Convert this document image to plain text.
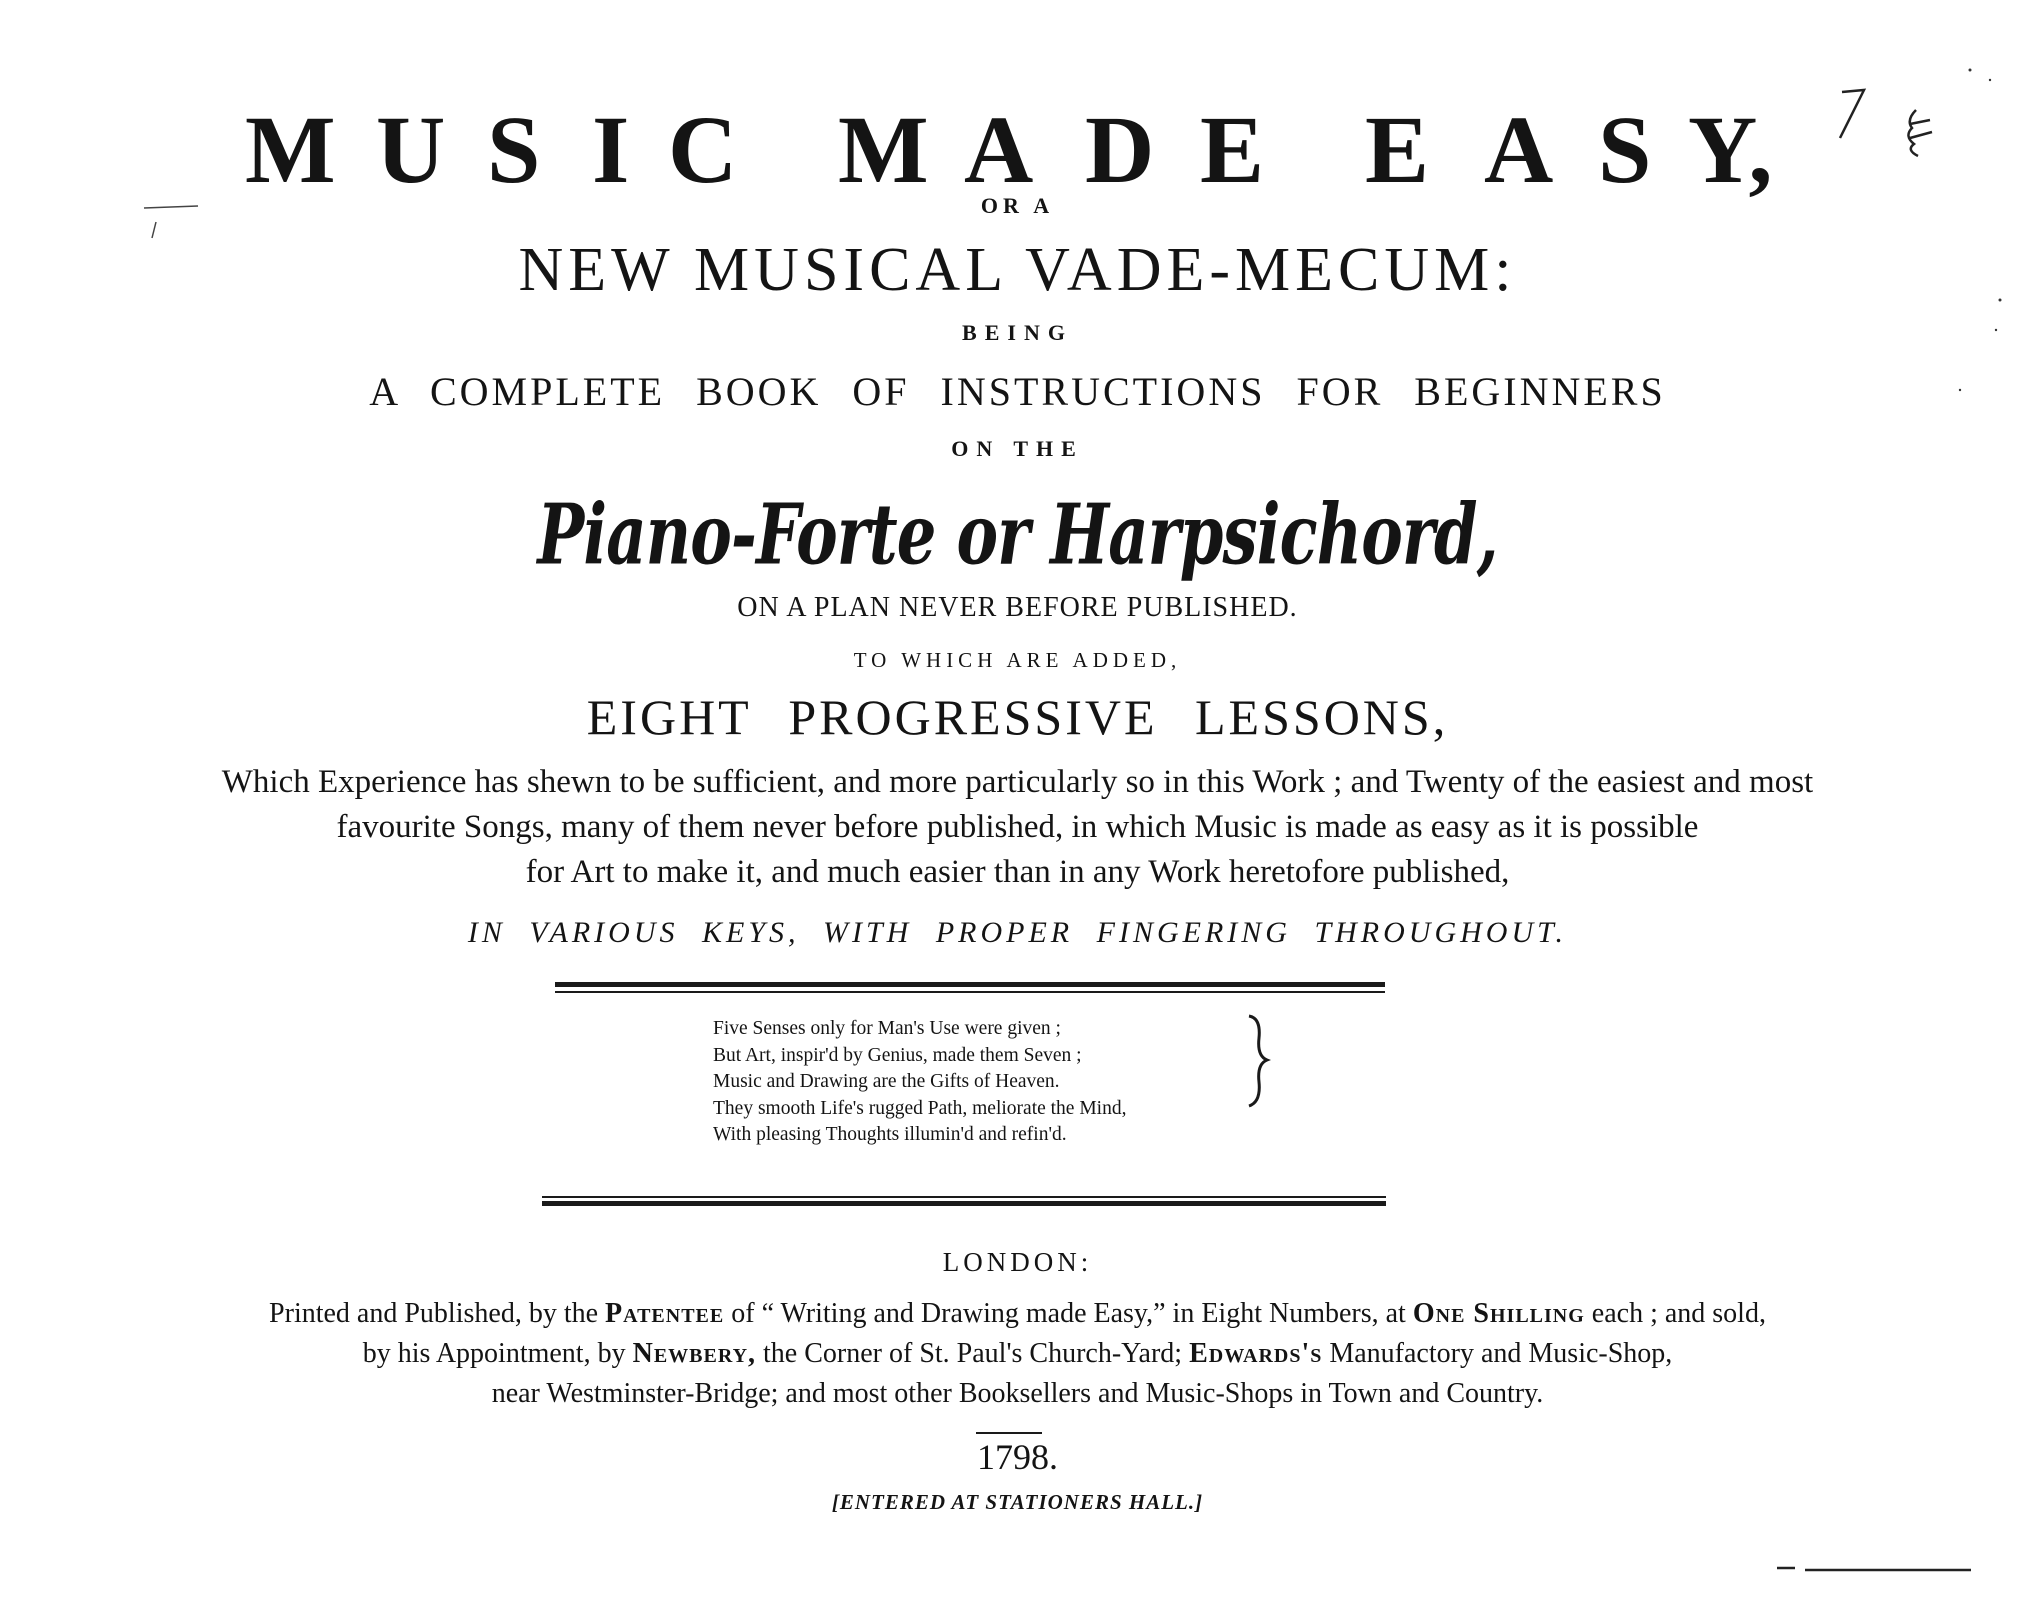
M U S I C M A D E E A S Y,
OR A
NEW MUSICAL VADE-MECUM:
BEING
A COMPLETE BOOK OF INSTRUCTIONS FOR BEGINNERS
ON THE
Piano-Forte or Harpsichord,
ON A PLAN NEVER BEFORE PUBLISHED.
TO WHICH ARE ADDED,
EIGHT PROGRESSIVE LESSONS,
Which Experience has shewn to be sufficient, and more particularly so in this Work ; and Twenty of the easiest and most
favourite Songs, many of them never before published, in which Music is made as easy as it is possible
for Art to make it, and much easier than in any Work heretofore published,
IN VARIOUS KEYS, WITH PROPER FINGERING THROUGHOUT.
Five Senses only for Man's Use were given ;
But Art, inspir'd by Genius, made them Seven ;
Music and Drawing are the Gifts of Heaven.
They smooth Life's rugged Path, meliorate the Mind,
With pleasing Thoughts illumin'd and refin'd.
LONDON:
Printed and Published, by the Patentee of “ Writing and Drawing made Easy,” in Eight Numbers, at One Shilling each ; and sold,
by his Appointment, by Newbery, the Corner of St. Paul's Church-Yard; Edwards's Manufactory and Music-Shop,
near Westminster-Bridge; and most other Booksellers and Music-Shops in Town and Country.
1798.
[ENTERED AT STATIONERS HALL.]
